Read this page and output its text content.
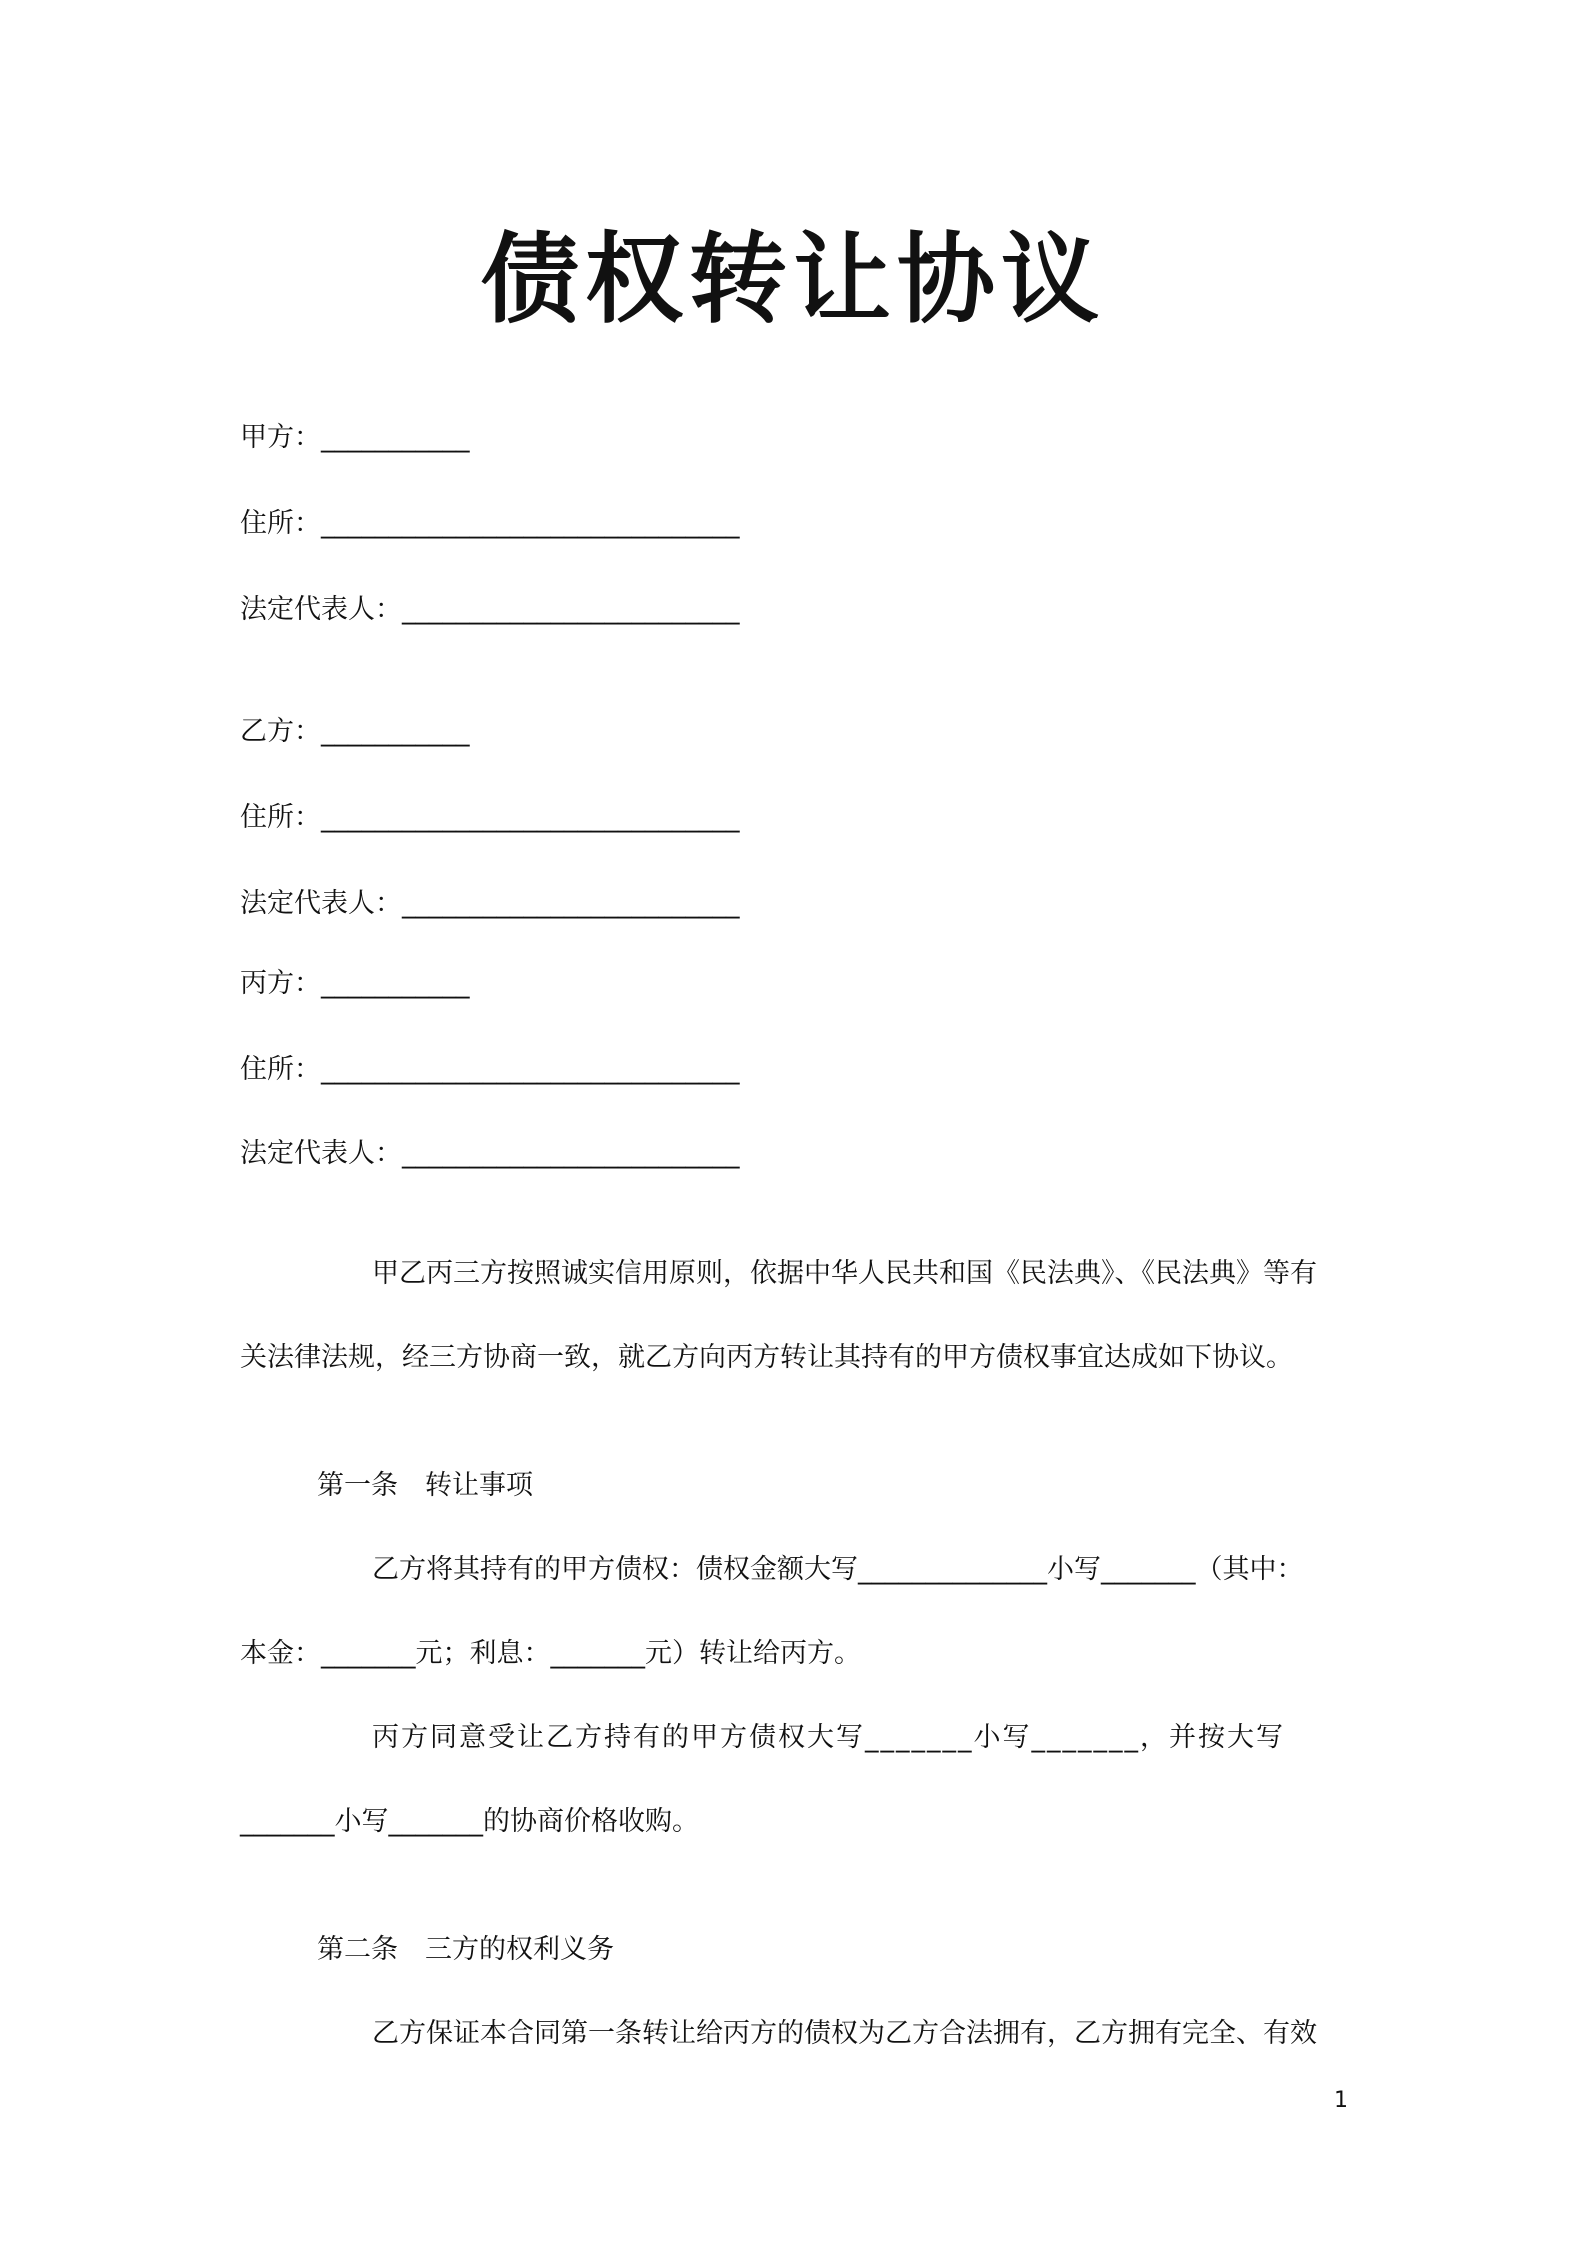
债权转让协议
甲方：___________
住所：_______________________________
法定代表人：_________________________
乙方：___________
住所：_______________________________
法定代表人：_________________________
丙方：___________
住所：_______________________________
法定代表人：_________________________
甲乙丙三方按照诚实信用原则，依据中华人民共和国《民法典》、《民法典》等有
关法律法规，经三方协商一致，就乙方向丙方转让其持有的甲方债权事宜达成如下协议。
第一条　转让事项
乙方将其持有的甲方债权：债权金额大写______________小写_______（其中：
本金：_______元；利息：_______元）转让给丙方。
丙方同意受让乙方持有的甲方债权大写_______小写_______，并按大写
_______小写_______的协商价格收购。
第二条　三方的权利义务
乙方保证本合同第一条转让给丙方的债权为乙方合法拥有，乙方拥有完全、有效
1
